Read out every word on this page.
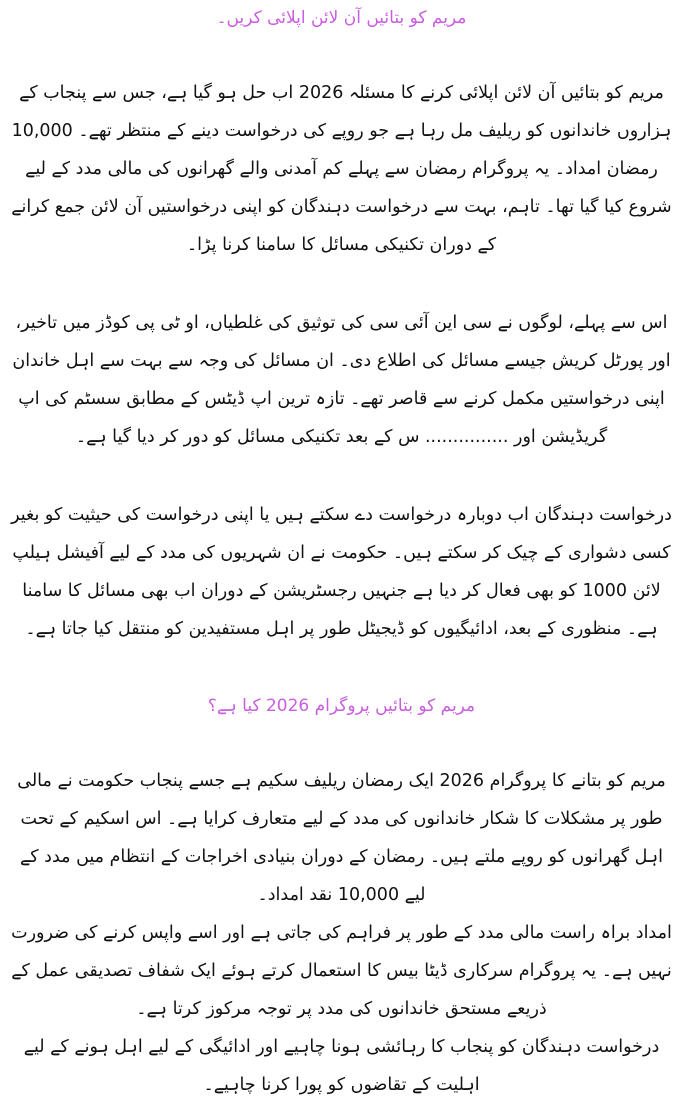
مریم کو بتائیں آن لائن اپلائی کریں۔

مریم کو بتائیں آن لائن اپلائی کرنے کا مسئلہ 2026 اب حل ہو گیا ہے، جس سے پنجاب کے ہزاروں خاندانوں کو ریلیف مل رہا ہے جو روپے کی درخواست دینے کے منتظر تھے۔ 10,000 رمضان امداد۔ یہ پروگرام رمضان سے پہلے کم آمدنی والے گھرانوں کی مالی مدد کے لیے شروع کیا گیا تھا۔ تاہم، بہت سے درخواست دہندگان کو اپنی درخواستیں آن لائن جمع کرانے کے دوران تکنیکی مسائل کا سامنا کرنا پڑا۔

اس سے پہلے، لوگوں نے سی این آئی سی کی توثیق کی غلطیاں، او ٹی پی کوڈز میں تاخیر، اور پورٹل کریش جیسے مسائل کی اطلاع دی۔ ان مسائل کی وجہ سے بہت سے اہل خاندان اپنی درخواستیں مکمل کرنے سے قاصر تھے۔ تازہ ترین اپ ڈیٹس کے مطابق سسٹم کی اپ گریڈیشن اور ............... س کے بعد تکنیکی مسائل کو دور کر دیا گیا ہے۔

درخواست دہندگان اب دوبارہ درخواست دے سکتے ہیں یا اپنی درخواست کی حیثیت کو بغیر کسی دشواری کے چیک کر سکتے ہیں۔ حکومت نے ان شہریوں کی مدد کے لیے آفیشل ہیلپ لائن 1000 کو بھی فعال کر دیا ہے جنہیں رجسٹریشن کے دوران اب بھی مسائل کا سامنا ہے۔ منظوری کے بعد، ادائیگیوں کو ڈیجیٹل طور پر اہل مستفیدین کو منتقل کیا جاتا ہے۔

مریم کو بتائیں پروگرام 2026 کیا ہے؟

مریم کو بتانے کا پروگرام 2026 ایک رمضان ریلیف سکیم ہے جسے پنجاب حکومت نے مالی طور پر مشکلات کا شکار خاندانوں کی مدد کے لیے متعارف کرایا ہے۔ اس اسکیم کے تحت اہل گھرانوں کو روپے ملتے ہیں۔ رمضان کے دوران بنیادی اخراجات کے انتظام میں مدد کے لیے 10,000 نقد امداد۔

امداد براہ راست مالی مدد کے طور پر فراہم کی جاتی ہے اور اسے واپس کرنے کی ضرورت نہیں ہے۔ یہ پروگرام سرکاری ڈیٹا بیس کا استعمال کرتے ہوئے ایک شفاف تصدیقی عمل کے ذریعے مستحق خاندانوں کی مدد پر توجہ مرکوز کرتا ہے۔

درخواست دہندگان کو پنجاب کا رہائشی ہونا چاہیے اور ادائیگی کے لیے اہل ہونے کے لیے اہلیت کے تقاضوں کو پورا کرنا چاہیے۔
